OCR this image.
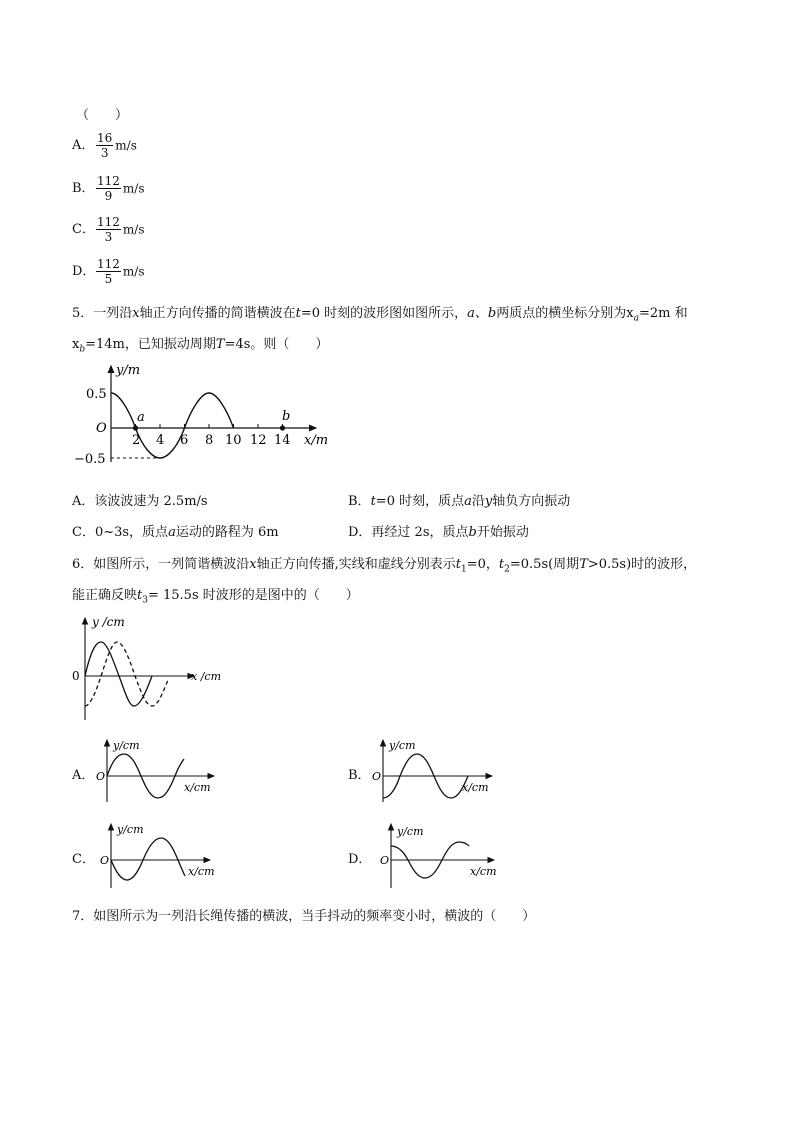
（　　）
A． $\frac{16}{3} m/s$
B． $\frac{112}{9} m/s$
C． $\frac{112}{3} m/s$
D． $\frac{112}{5} m/s$
5．一列沿x轴正方向传播的简谐横波在t=0 时刻的波形图如图所示，a、b两质点的横坐标分别为$x_a=2m$ 和
$x_b=14m$，已知振动周期T=4s。则（　　）
y/m
0.5
−0.5
O
2 4 6 8 10 12 14 x/m
a	b
A．该波波速为 2.5m/s	B．t=0 时刻，质点a沿y轴负方向振动
C．0~3s，质点a运动的路程为 6m	D．再经过 2s，质点b开始振动
6．如图所示，一列简谐横波沿x轴正方向传播,实线和虚线分别表示$t_1=0$，$t_2=0.5s$(周期T>0.5s)时的波形，
能正确反映$t_3= 15.5s$ 时波形的是图中的（　　）
y /cm
0	x /cm
A．
y/cm
O
x/cm
B．
y/cm
O
x/cm
C．
y/cm
O
x/cm
D．
y/cm
O
x/cm
7．如图所示为一列沿长绳传播的横波，当手抖动的频率变小时，横波的（　　）
